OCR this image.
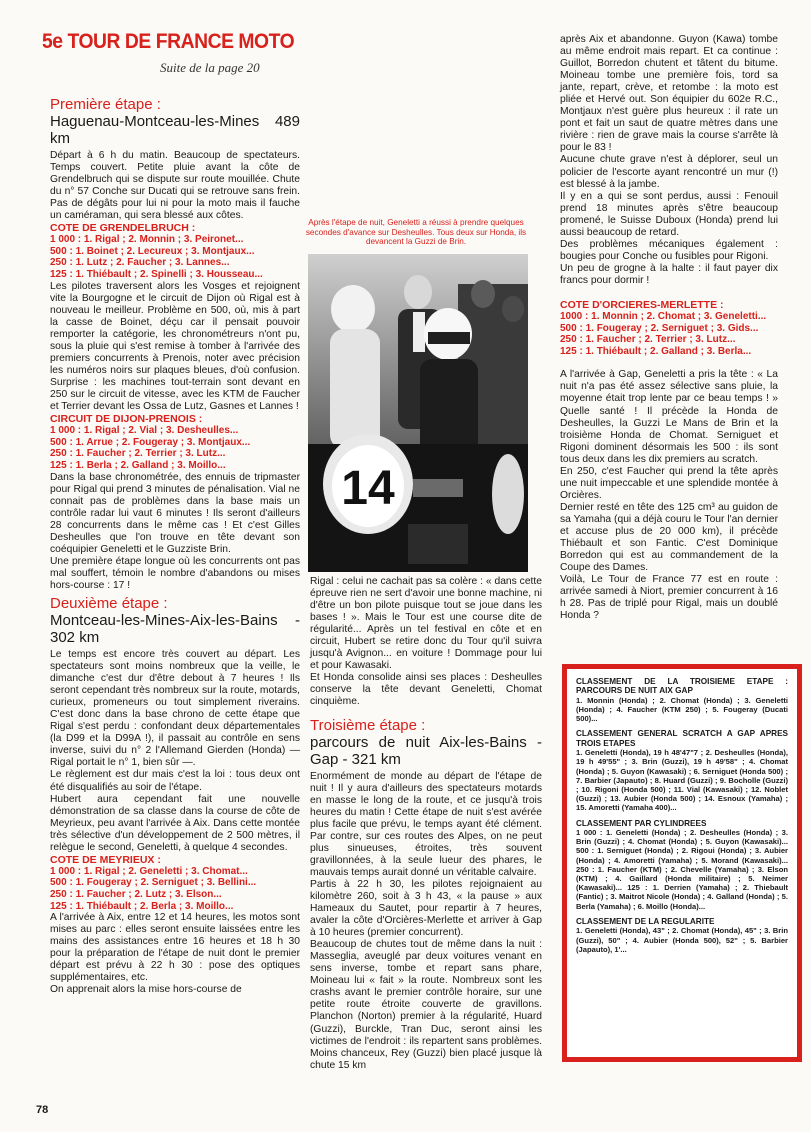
5e TOUR DE FRANCE MOTO
Suite de la page 20

Première étape :

Haguenau-Montceau-les-Mines 489 km

Départ à 6 h du matin. Beaucoup de spectateurs. Temps couvert. Petite pluie avant la côte de Grendelbruch qui se dispute sur route mouillée. Chute du n° 57 Conche sur Ducati qui se retrouve sans frein. Pas de dégâts pour lui ni pour la moto mais il fauche un caméraman, qui sera blessé aux côtes.

COTE DE GRENDELBRUCH :

1 000 : 1. Rigal ; 2. Monnin ; 3. Peironet...

500 : 1. Boinet ; 2. Lecureux ; 3. Montjaux...

250 : 1. Lutz ; 2. Faucher ; 3. Lannes...

125 : 1. Thiébault ; 2. Spinelli ; 3. Housseau...

Les pilotes traversent alors les Vosges et rejoignent vite la Bourgogne et le circuit de Dijon où Rigal est à nouveau le meilleur. Problème en 500, où, mis à part la casse de Boinet, déçu car il pensait pouvoir remporter la catégorie, les chronométreurs n'ont pu, sous la pluie qui s'est remise à tomber à l'arrivée des premiers concurrents à Prenois, noter avec précision les numéros noirs sur plaques bleues, d'où confusion. Surprise : les machines tout-terrain sont devant en 250 sur le circuit de vitesse, avec les KTM de Faucher et Terrier devant les Ossa de Lutz, Gasnes et Lannes !

CIRCUIT DE DIJON-PRENOIS :

1 000 : 1. Rigal ; 2. Vial ; 3. Desheulles...

500 : 1. Arrue ; 2. Fougeray ; 3. Montjaux...

250 : 1. Faucher ; 2. Terrier ; 3. Lutz...

125 : 1. Berla ; 2. Galland ; 3. Moillo...

Dans la base chronométrée, des ennuis de tripmaster pour Rigal qui prend 3 minutes de pénalisation. Vial ne connait pas de problèmes dans la base mais un contrôle radar lui vaut 6 minutes ! Ils seront d'ailleurs 28 concurrents dans le même cas ! Et c'est Gilles Desheulles que l'on trouve en tête devant son coéquipier Geneletti et le Guzziste Brin.

Une première étape longue où les concurrents ont pas mal souffert, témoin le nombre d'abandons ou mises hors-course : 17 !

Deuxième étape :

Montceau-les-Mines-Aix-les-Bains - 302 km

Le temps est encore très couvert au départ. Les spectateurs sont moins nombreux que la veille, le dimanche c'est dur d'être debout à 7 heures ! Ils seront cependant très nombreux sur la route, motards, curieux, promeneurs ou tout simplement riverains. C'est donc dans la base chrono de cette étape que Rigal s'est perdu : confondant deux départementales (la D99 et la D99A !), il passait au contrôle en sens inverse, suivi du n° 2 l'Allemand Gierden (Honda) — Rigal portait le n° 1, bien sûr —.

Le règlement est dur mais c'est la loi : tous deux ont été disqualifiés au soir de l'étape.

Hubert aura cependant fait une nouvelle démonstration de sa classe dans la course de côte de Meyrieux, peu avant l'arrivée à Aix. Dans cette montée très sélective d'un développement de 2 500 mètres, il relègue le second, Geneletti, à quelque 4 secondes.

COTE DE MEYRIEUX :

1 000 : 1. Rigal ; 2. Geneletti ; 3. Chomat...

500 : 1. Fougeray ; 2. Serniguet ; 3. Bellini...

250 : 1. Faucher ; 2. Lutz ; 3. Elson...

125 : 1. Thiébault ; 2. Berla ; 3. Moillo...

A l'arrivée à Aix, entre 12 et 14 heures, les motos sont mises au parc : elles seront ensuite laissées entre les mains des assistances entre 16 heures et 18 h 30 pour la préparation de l'étape de nuit dont le premier départ est prévu à 22 h 30 : pose des optiques supplémentaires, etc.

On apprenait alors la mise hors-course de

Après l'étape de nuit, Geneletti a réussi à prendre quelques secondes d'avance sur Desheulles. Tous deux sur Honda, ils devancent la Guzzi de Brin.
14

Rigal : celui ne cachait pas sa colère : « dans cette épreuve rien ne sert d'avoir une bonne machine, ni d'être un bon pilote puisque tout se joue dans les bases ! ». Mais le Tour est une course dite de régularité... Après un tel festival en côte et en circuit, Hubert se retire donc du Tour qu'il suivra jusqu'à Avignon... en voiture ! Dommage pour lui et pour Kawasaki.

Et Honda consolide ainsi ses places : Desheulles conserve la tête devant Geneletti, Chomat cinquième.

Troisième étape :

parcours de nuit Aix-les-Bains - Gap - 321 km

Enormément de monde au départ de l'étape de nuit ! Il y aura d'ailleurs des spectateurs motards en masse le long de la route, et ce jusqu'à trois heures du matin ! Cette étape de nuit s'est avérée plus facile que prévu, le temps ayant été clément. Par contre, sur ces routes des Alpes, on ne peut plus sinueuses, étroites, très souvent gravillonnées, à la seule lueur des phares, le mauvais temps aurait donné un véritable calvaire.

Partis à 22 h 30, les pilotes rejoignaient au kilomètre 260, soit à 3 h 43, « la pause » aux Hameaux du Sautet, pour repartir à 7 heures, avaler la côte d'Orcières-Merlette et arriver à Gap à 10 heures (premier concurrent).

Beaucoup de chutes tout de même dans la nuit : Masseglia, aveuglé par deux voitures venant en sens inverse, tombe et repart sans phare, Moineau lui « fait » la route. Nombreux sont les crashs avant le premier contrôle horaire, sur une petite route étroite couverte de gravillons. Planchon (Norton) premier à la régularité, Huard (Guzzi), Burckle, Tran Duc, seront ainsi les victimes de l'endroit : ils repartent sans problèmes. Moins chanceux, Rey (Guzzi) bien placé jusque là chute 15 km

après Aix et abandonne. Guyon (Kawa) tombe au même endroit mais repart. Et ca continue : Guillot, Borredon chutent et tâtent du bitume. Moineau tombe une première fois, tord sa jante, repart, crève, et retombe : la moto est pliée et Hervé out. Son équipier du 602e R.C., Montjaux n'est guère plus heureux : il rate un pont et fait un saut de quatre mètres dans une rivière : rien de grave mais la course s'arrête là pour le 83 !

Aucune chute grave n'est à déplorer, seul un policier de l'escorte ayant rencontré un mur (!) est blessé à la jambe.

Il y en a qui se sont perdus, aussi : Fenouil prend 18 minutes après s'être beaucoup promené, le Suisse Duboux (Honda) prend lui aussi beaucoup de retard.

Des problèmes mécaniques également : bougies pour Conche ou fusibles pour Rigoni.

Un peu de grogne à la halte : il faut payer dix francs pour dormir !

COTE D'ORCIERES-MERLETTE :

1000 : 1. Monnin ; 2. Chomat ; 3. Geneletti...

500 : 1. Fougeray ; 2. Serniguet ; 3. Gids...

250 : 1. Faucher ; 2. Terrier ; 3. Lutz...

125 : 1. Thiébault ; 2. Galland ; 3. Berla...

A l'arrivée à Gap, Geneletti a pris la tête : « La nuit n'a pas été assez sélective sans pluie, la moyenne était trop lente par ce beau temps ! » Quelle santé ! Il précède la Honda de Desheulles, la Guzzi Le Mans de Brin et la troisième Honda de Chomat. Serniguet et Rigoni dominent désormais les 500 : ils sont tous deux dans les dix premiers au scratch.

En 250, c'est Faucher qui prend la tête après une nuit impeccable et une splendide montée à Orcières.

Dernier resté en tête des 125 cm³ au guidon de sa Yamaha (qui a déjà couru le Tour l'an dernier et accuse plus de 20 000 km), il précède Thiébault et son Fantic. C'est Dominique Borredon qui est au commandement de la Coupe des Dames.

Voilà, Le Tour de France 77 est en route : arrivée samedi à Niort, premier concurrent à 16 h 28. Pas de triplé pour Rigal, mais un doublé Honda ?

CLASSEMENT DE LA TROISIEME ETAPE : PARCOURS DE NUIT AIX GAP

1. Monnin (Honda) ; 2. Chomat (Honda) ; 3. Geneletti (Honda) ; 4. Faucher (KTM 250) ; 5. Fougeray (Ducati 500)...

CLASSEMENT GENERAL SCRATCH A GAP APRES TROIS ETAPES

1. Geneletti (Honda), 19 h 48'47"7 ; 2. Desheulles (Honda), 19 h 49'55" ; 3. Brin (Guzzi), 19 h 49'58" ; 4. Chomat (Honda) ; 5. Guyon (Kawasaki) ; 6. Serniguet (Honda 500) ; 7. Barbier (Japauto) ; 8. Huard (Guzzi) ; 9. Bocholle (Guzzi) ; 10. Rigoni (Honda 500) ; 11. Vial (Kawasaki) ; 12. Noblet (Guzzi) ; 13. Aubier (Honda 500) ; 14. Esnoux (Yamaha) ; 15. Amoretti (Yamaha 400)...

CLASSEMENT PAR CYLINDREES

1 000 : 1. Geneletti (Honda) ; 2. Desheulles (Honda) ; 3. Brin (Guzzi) ; 4. Chomat (Honda) ; 5. Guyon (Kawasaki)... 500 : 1. Serniguet (Honda) ; 2. Rigoui (Honda) ; 3. Aubier (Honda) ; 4. Amoretti (Yamaha) ; 5. Morand (Kawasaki)... 250 : 1. Faucher (KTM) ; 2. Chevelle (Yamaha) ; 3. Elson (KTM) ; 4. Gaillard (Honda militaire) ; 5. Neimer (Kawasaki)... 125 : 1. Derrien (Yamaha) ; 2. Thiebault (Fantic) ; 3. Maitrot Nicole (Honda) ; 4. Galland (Honda) ; 5. Berla (Yamaha) ; 6. Moillo (Honda)...

CLASSEMENT DE LA REGULARITE

1. Geneletti (Honda), 43" ; 2. Chomat (Honda), 45" ; 3. Brin (Guzzi), 50" ; 4. Aubier (Honda 500), 52" ; 5. Barbier (Japauto), 1'...

78
